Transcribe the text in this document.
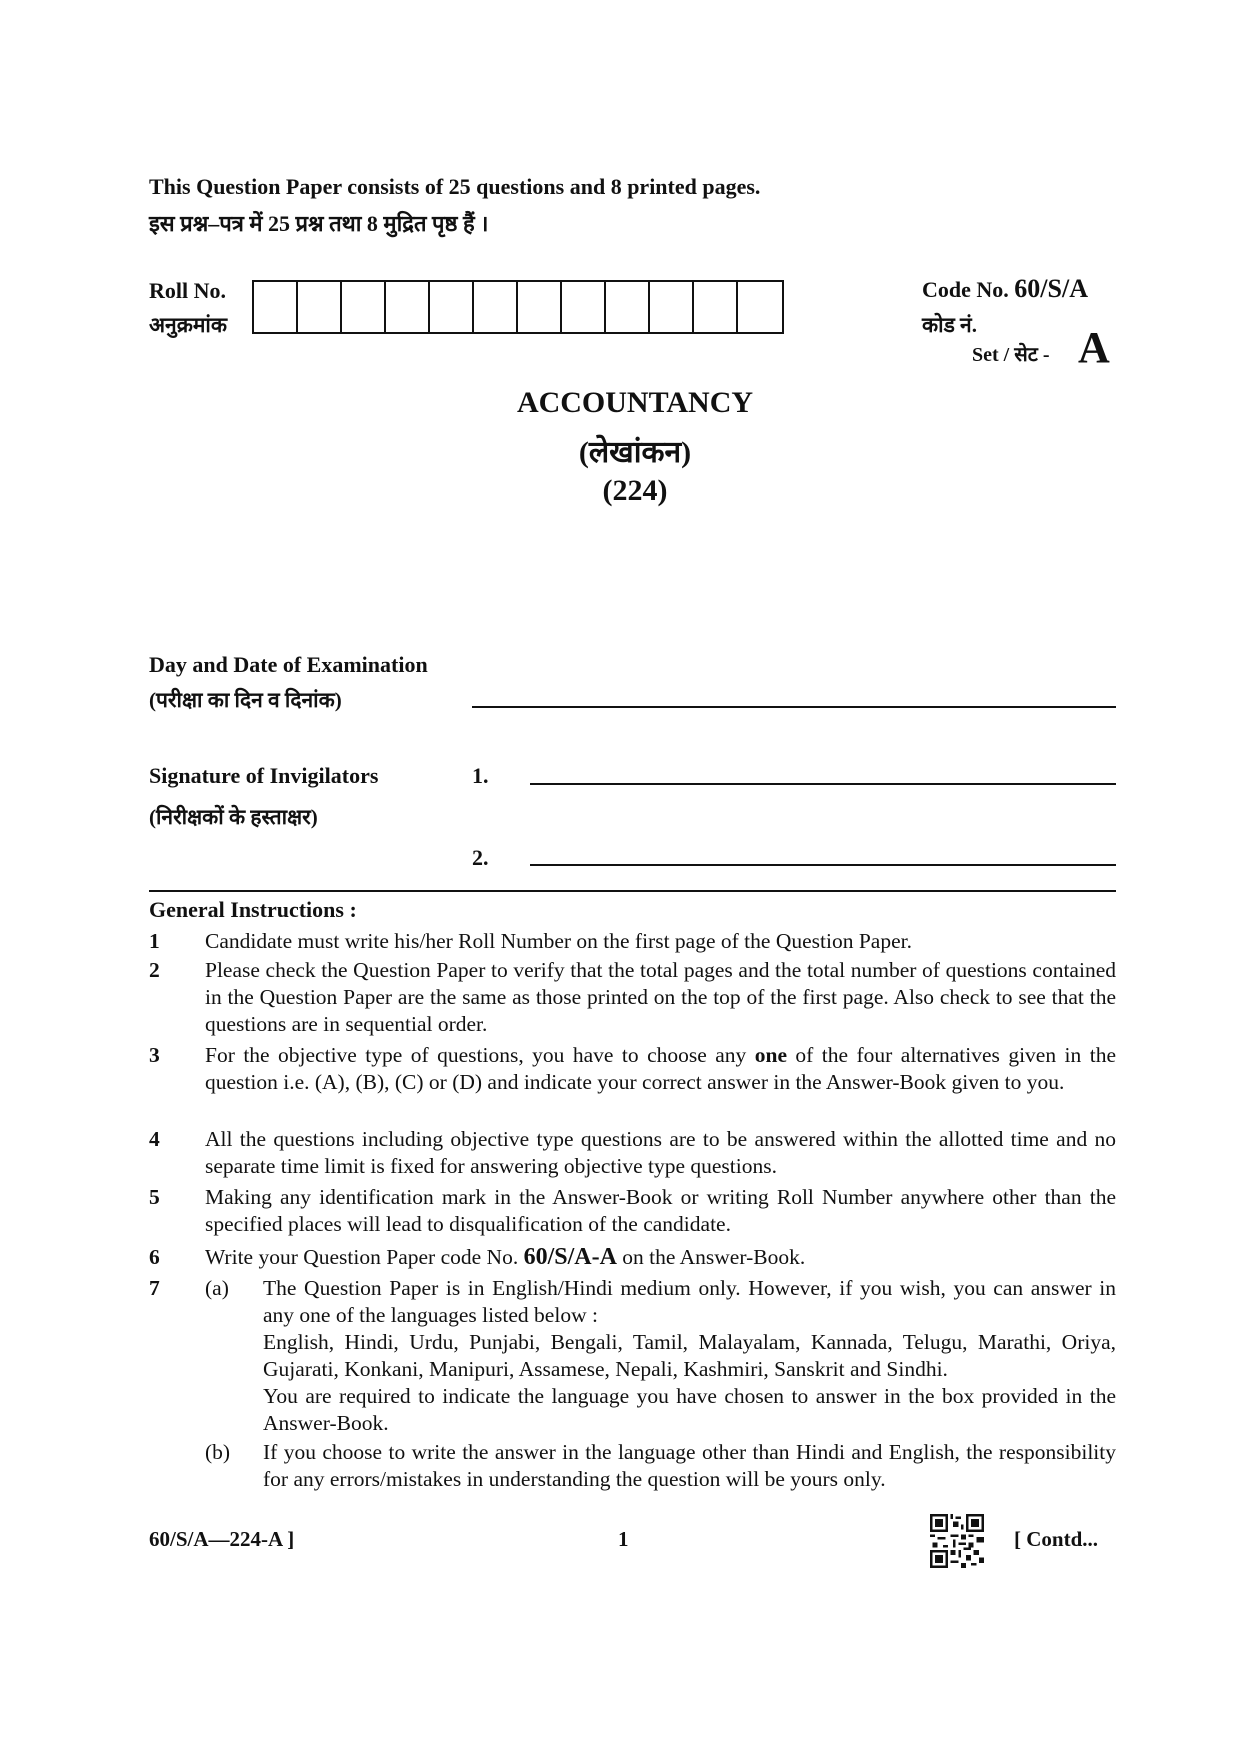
This Question Paper consists of 25 questions and 8 printed pages.
इस प्रश्न–पत्र में 25 प्रश्न तथा 8 मुद्रित पृष्ठ हैं ।
Roll No.
अनुक्रमांक
Code No. 60/S/A
कोड नं.
Set / सेट - A
ACCOUNTANCY
(लेखांकन)
(224)
Day and Date of Examination
(परीक्षा का दिन व दिनांक)
Signature of Invigilators
(निरीक्षकों के हस्ताक्षर)
1.
2.
General Instructions :
1 Candidate must write his/her Roll Number on the first page of the Question Paper.
2 Please check the Question Paper to verify that the total pages and the total number of questions contained in the Question Paper are the same as those printed on the top of the first page. Also check to see that the questions are in sequential order.
3 For the objective type of questions, you have to choose any one of the four alternatives given in the question i.e. (A), (B), (C) or (D) and indicate your correct answer in the Answer-Book given to you.
4 All the questions including objective type questions are to be answered within the allotted time and no separate time limit is fixed for answering objective type questions.
5 Making any identification mark in the Answer-Book or writing Roll Number anywhere other than the specified places will lead to disqualification of the candidate.
6 Write your Question Paper code No. 60/S/A-A on the Answer-Book.
7 (a) The Question Paper is in English/Hindi medium only. However, if you wish, you can answer in any one of the languages listed below :
English, Hindi, Urdu, Punjabi, Bengali, Tamil, Malayalam, Kannada, Telugu, Marathi, Oriya, Gujarati, Konkani, Manipuri, Assamese, Nepali, Kashmiri, Sanskrit and Sindhi.
You are required to indicate the language you have chosen to answer in the box provided in the Answer-Book.
(b) If you choose to write the answer in the language other than Hindi and English, the responsibility for any errors/mistakes in understanding the question will be yours only.
60/S/A—224-A ]	1	[ Contd...
